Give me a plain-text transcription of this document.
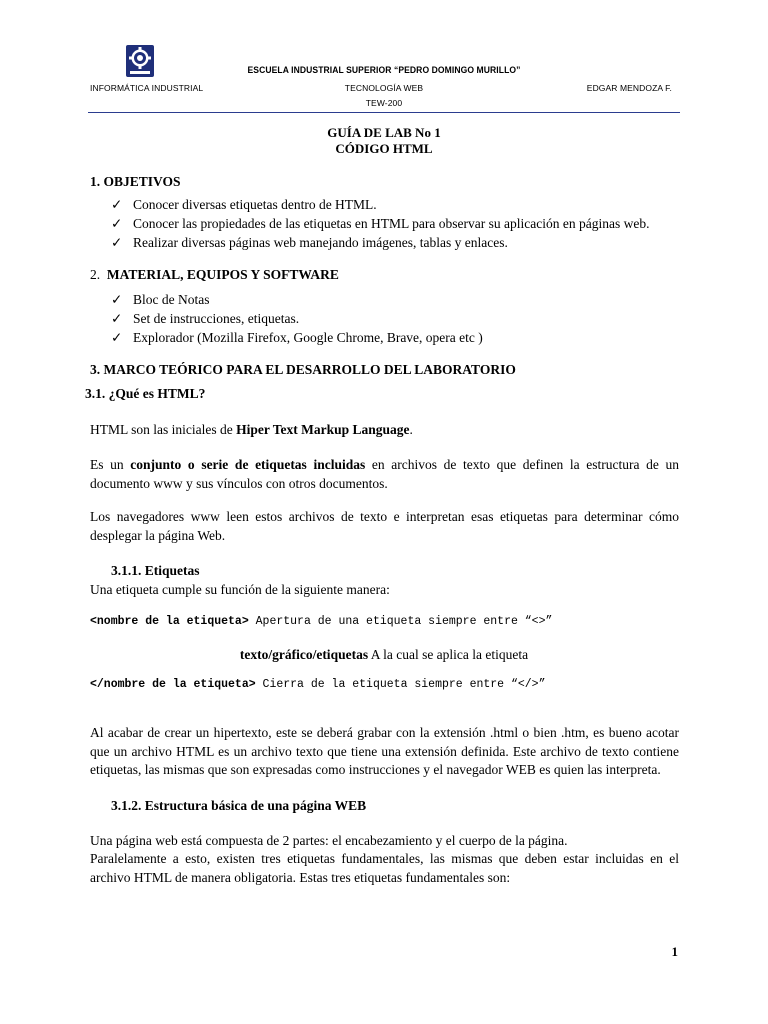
ESCUELA INDUSTRIAL SUPERIOR “PEDRO DOMINGO MURILLO”
INFORMÁTICA INDUSTRIAL	TECNOLOGÍA WEB	EDGAR MENDOZA F.
TEW-200
GUÍA DE LAB No 1
CÓDIGO HTML
1. OBJETIVOS
✓ Conocer diversas etiquetas dentro de HTML.
✓ Conocer las propiedades de las etiquetas en HTML para observar su aplicación en páginas web.
✓ Realizar diversas páginas web manejando imágenes, tablas y enlaces.
2. MATERIAL, EQUIPOS Y SOFTWARE
✓ Bloc de Notas
✓ Set de instrucciones, etiquetas.
✓ Explorador (Mozilla Firefox, Google Chrome, Brave, opera etc )
3. MARCO TEÓRICO PARA EL DESARROLLO DEL LABORATORIO
3.1. ¿Qué es HTML?
HTML son las iniciales de Hiper Text Markup Language.
Es un conjunto o serie de etiquetas incluidas en archivos de texto que definen la estructura de un documento www y sus vínculos con otros documentos.
Los navegadores www leen estos archivos de texto e interpretan esas etiquetas para determinar cómo desplegar la página Web.
3.1.1. Etiquetas
Una etiqueta cumple su función de la siguiente manera:
<nombre de la etiqueta> Apertura de una etiqueta siempre entre “<>”
texto/gráfico/etiquetas A la cual se aplica la etiqueta
</nombre de la etiqueta> Cierra de la etiqueta siempre entre “</>”
Al acabar de crear un hipertexto, este se deberá grabar con la extensión .html o bien .htm, es bueno acotar que un archivo HTML es un archivo texto que tiene una extensión definida. Este archivo de texto contiene etiquetas, las mismas que son expresadas como instrucciones y el navegador WEB es quien las interpreta.
3.1.2. Estructura básica de una página WEB
Una página web está compuesta de 2 partes: el encabezamiento y el cuerpo de la página.
Paralelamente a esto, existen tres etiquetas fundamentales, las mismas que deben estar incluidas en el archivo HTML de manera obligatoria. Estas tres etiquetas fundamentales son:
1
